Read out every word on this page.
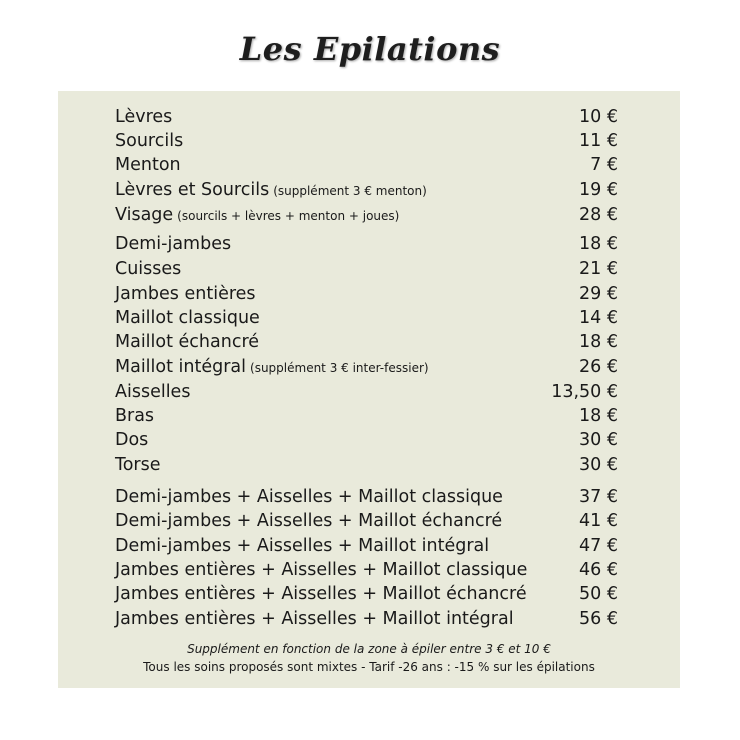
Les Epilations
Lèvres	10 €
Sourcils	11 €
Menton	7 €
Lèvres et Sourcils (supplément 3 € menton)	19 €
Visage (sourcils + lèvres + menton + joues)	28 €
Demi-jambes	18 €
Cuisses	21 €
Jambes entières	29 €
Maillot classique	14 €
Maillot échancré	18 €
Maillot intégral (supplément 3 € inter-fessier)	26 €
Aisselles	13,50 €
Bras	18 €
Dos	30 €
Torse	30 €
Demi-jambes + Aisselles + Maillot classique	37 €
Demi-jambes + Aisselles + Maillot échancré	41 €
Demi-jambes + Aisselles + Maillot intégral	47 €
Jambes entières + Aisselles + Maillot classique	46 €
Jambes entières + Aisselles + Maillot échancré	50 €
Jambes entières + Aisselles + Maillot intégral	56 €
Supplément en fonction de la zone à épiler entre 3 € et 10 €
Tous les soins proposés sont mixtes - Tarif -26 ans : -15 % sur les épilations
